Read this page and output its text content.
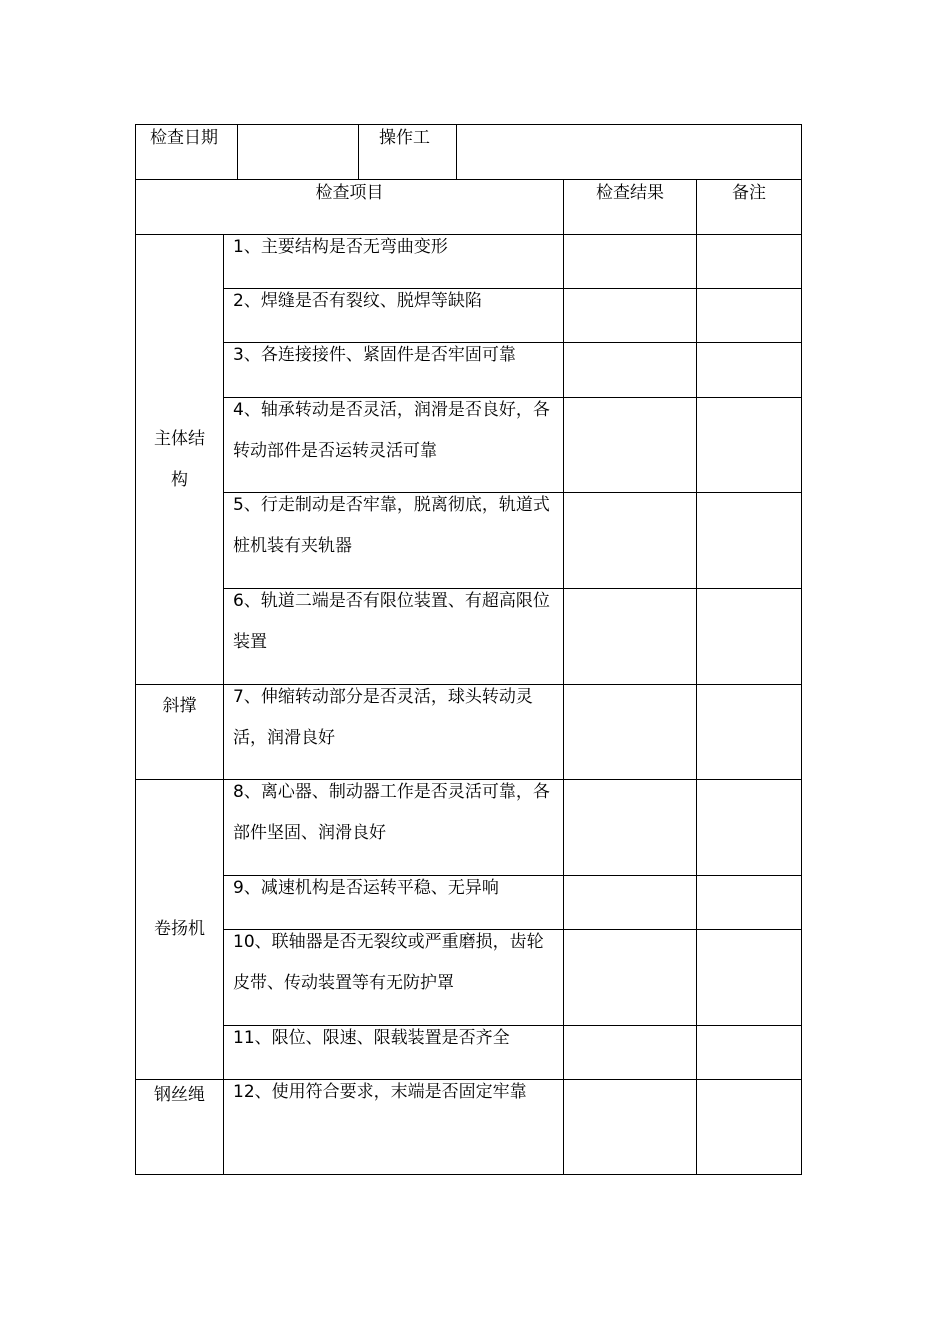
检查日期		操作工	
检查项目		检查结果	备注
主体结构	1、主要结构是否无弯曲变形		

	2、焊缝是否有裂纹、脱焊等缺陷		

	3、各连接接件、紧固件是否牢固可靠		

	4、轴承转动是否灵活，润滑是否良好，各转动部件是否运转灵活可靠		

	5、行走制动是否牢靠，脱离彻底，轨道式桩机装有夹轨器		

	6、轨道二端是否有限位装置、有超高限位装置		

斜撑	7、伸缩转动部分是否灵活，球头转动灵活，润滑良好		

卷扬机	8、离心器、制动器工作是否灵活可靠，各部件坚固、润滑良好		

	9、减速机构是否运转平稳、无异响		

	10、联轴器是否无裂纹或严重磨损，齿轮皮带、传动装置等有无防护罩		

	11、限位、限速、限载装置是否齐全		

钢丝绳	12、使用符合要求，末端是否固定牢靠		
